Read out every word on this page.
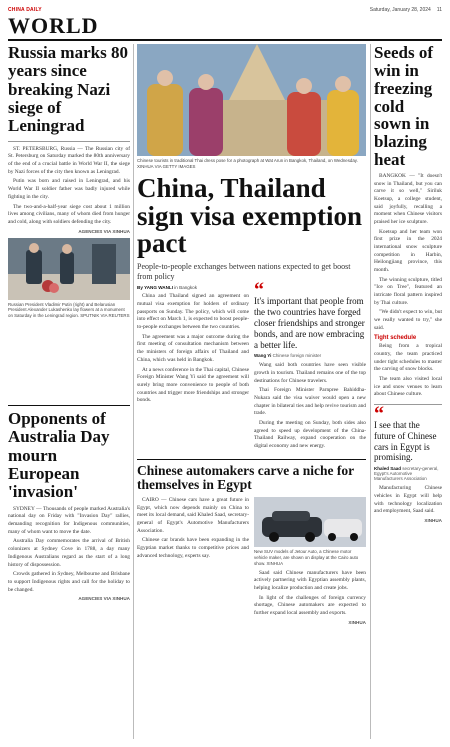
CHINA DAILY	Saturday, January 28, 2024 11
WORLD
Russia marks 80 years since breaking Nazi siege of Leningrad

ST. PETERSBURG, Russia — The Russian city of St. Petersburg on Saturday marked the 80th anniversary of the end of a crucial battle in World War II, the siege by Nazi forces of the city then known as Leningrad.

Putin was born and raised in Leningrad, and his World War II soldier father was badly injured while fighting in the city.

The two-and-a-half-year siege cost about 1 million lives among civilians, many of whom died from hunger and cold, along with soldiers defending the city.

AGENCIES VIA XINHUA
Russian President Vladimir Putin (right) and Belarusian President Alexander Lukashenko lay flowers at a monument on Saturday in the Leningrad region. SPUTNIK VIA REUTERS
Opponents of Australia Day mourn European 'invasion'

SYDNEY — Thousands of people marked Australia's national day on Friday with "Invasion Day" rallies, demanding recognition for Indigenous communities, many of whom want to move the date.

Australia Day commemorates the arrival of British colonizers at Sydney Cove in 1788, a day many Indigenous Australians regard as the start of a long history of dispossession.

Crowds gathered in Sydney, Melbourne and Brisbane to support Indigenous rights and call for the holiday to be changed.

AGENCIES VIA XINHUA
Chinese tourists in traditional Thai dress pose for a photograph at Wat Arun in Bangkok, Thailand, on Wednesday. XINHUA VIA GETTY IMAGES
China, Thailand sign visa exemption pact
People-to-people exchanges between nations expected to get boost from policy
By YANG WANLI in Bangkok

China and Thailand signed an agreement on mutual visa exemption for holders of ordinary passports on Sunday. The policy, which will come into effect on March 1, is expected to boost people-to-people exchanges between the two countries.

The agreement was a major outcome during the first meeting of consultation mechanism between the ministers of foreign affairs of Thailand and China, which was held in Bangkok.

At a news conference in the Thai capital, Chinese Foreign Minister Wang Yi said the agreement will surely bring more convenience to people of both countries and trigger more friendships and stronger bonds.

“
It's important that people from the two countries have forged closer friendships and stronger bonds, and are now embracing a better life.
Wang Yi Chinese foreign minister

Wang said both countries have seen visible growth in tourism. Thailand remains one of the top destinations for Chinese travelers.

Thai Foreign Minister Parnpree Bahiddha-Nukara said the visa waiver would open a new chapter in bilateral ties and help revive tourism and trade.

During the meeting on Sunday, both sides also agreed to speed up development of the China-Thailand Railway, expand cooperation on the digital economy and new energy.

Chinese automakers carve a niche for themselves in Egypt

CAIRO — Chinese cars have a great future in Egypt, which now depends mainly on China to meet its local demand, said Khaled Saad, secretary-general of Egypt's Automotive Manufacturers Association.

Chinese car brands have been expanding in the Egyptian market thanks to competitive prices and advanced technology, experts say.

New SUV models of Jetour Auto, a Chinese motor vehicle maker, are shown on display at the Cairo auto show. XINHUA

Saad said Chinese manufacturers have been actively partnering with Egyptian assembly plants, helping localize production and create jobs.

In light of the challenges of foreign currency shortage, Chinese automakers are expected to further expand local assembly and exports.

XINHUA
Seeds of win in freezing cold sown in blazing heat

BANGKOK — "It doesn't snow in Thailand, but you can carve it so well," Siriluk Koetsup, a college student, said joyfully, recalling a moment when Chinese visitors praised her ice sculpture.

Koetsup and her team won first prize in the 2024 international snow sculpture competition in Harbin, Heilongjiang province, this month.

The winning sculpture, titled "Ice on Tree", featured an intricate floral pattern inspired by Thai culture.

"We didn't expect to win, but we really wanted to try," she said.

Tight schedule

Being from a tropical country, the team practiced under tight schedules to master the carving of snow blocks.

The team also visited local ice and snow venues to learn about Chinese culture.

“
I see that the future of Chinese cars in Egypt is promising.
Khaled Saad secretary-general, Egypt's Automotive Manufacturers Association

Manufacturing Chinese vehicles in Egypt will help with technology localization and employment, Saad said.

XINHUA
